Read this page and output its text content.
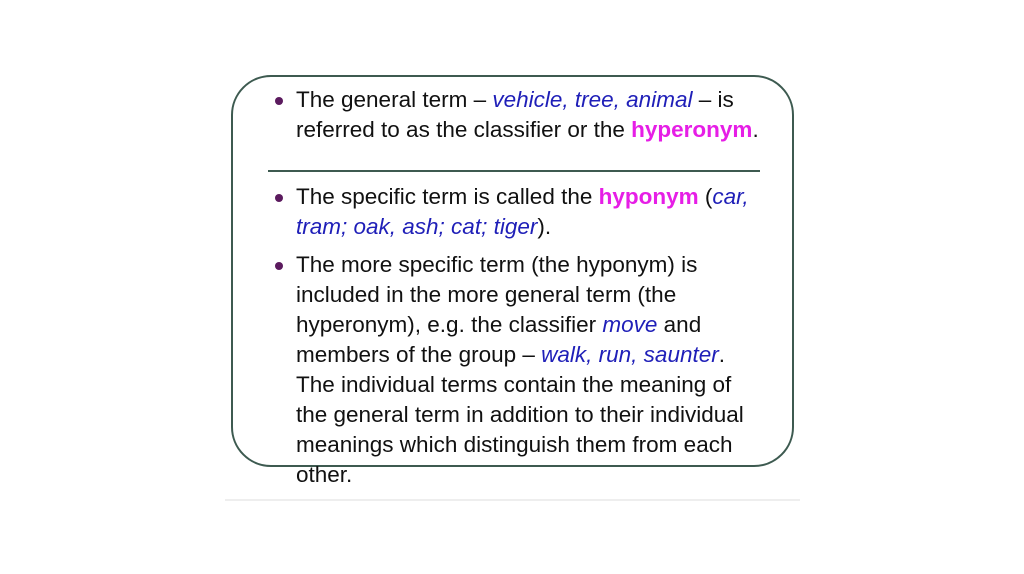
The general term – vehicle, tree, animal – is referred to as the classifier or the hyperonym.

The specific term is called the hyponym (car, tram; oak, ash; cat; tiger).

The more specific term (the hyponym) is included in the more general term (the hyperonym), e.g. the classifier move and members of the group – walk, run, saunter. The individual terms contain the meaning of the general term in addition to their individual meanings which distinguish them from each other.
